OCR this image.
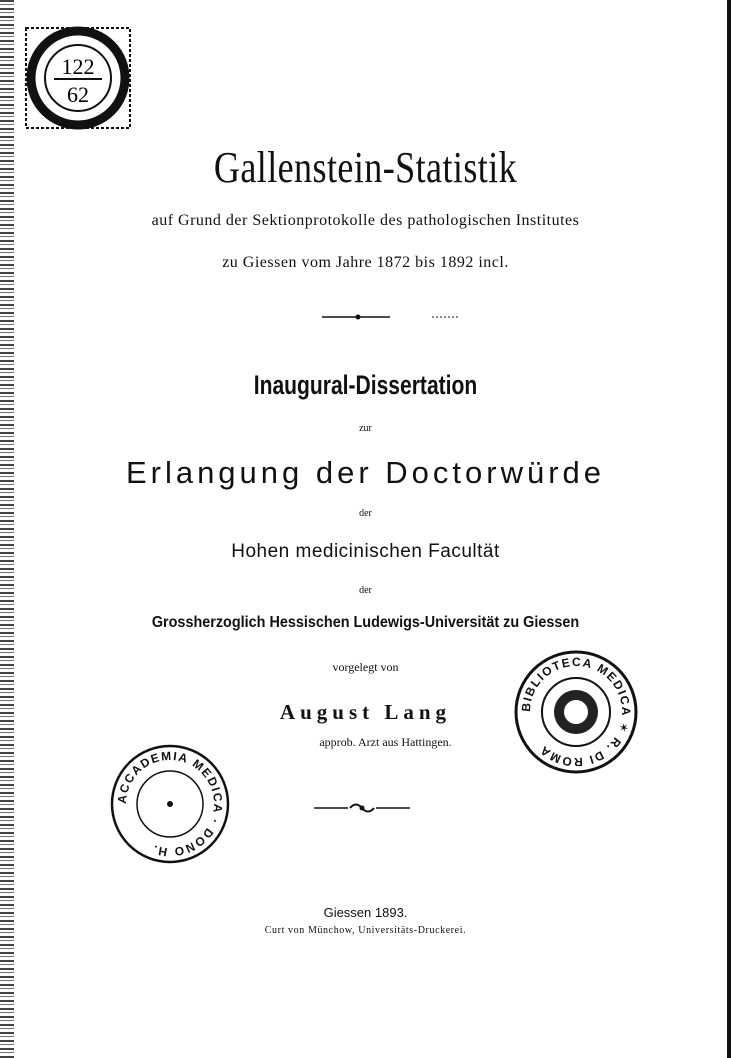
122
62
Gallenstein-Statistik
auf Grund der Sektionprotokolle des pathologischen Institutes
zu Giessen vom Jahre 1872 bis 1892 incl.
Inaugural-Dissertation
zur
Erlangung der Doctorwürde
der
Hohen medicinischen Facultät
der
Grossherzoglich Hessischen Ludewigs-Universität zu Giessen
vorgelegt von
August Lang
approb. Arzt aus Hattingen.
BIBLIOTECA MEDICA ✶ R. DI ROMA
ACCADEMIA MEDICA · DONO H.
Giessen 1893.
Curt von Münchow, Universitäts-Druckerei.
